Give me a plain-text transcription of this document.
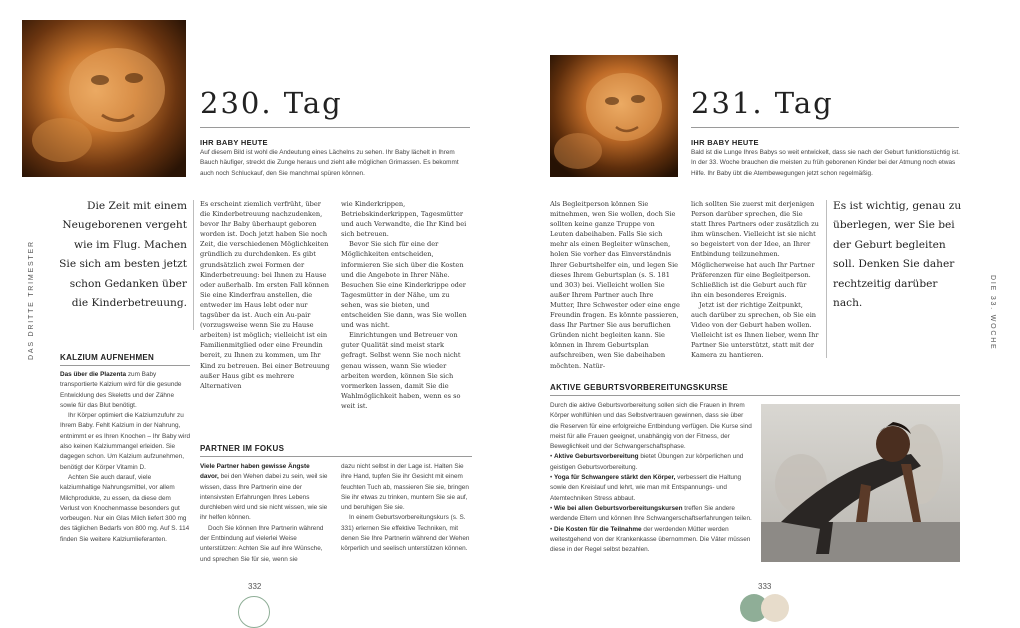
230. Tag
IHR BABY HEUTE
Auf diesem Bild ist wohl die Andeutung eines Lächelns zu sehen. Ihr Baby lächelt in Ihrem Bauch häufiger, streckt die Zunge heraus und zieht alle möglichen Grimassen. Es bekommt auch noch Schluckauf, den Sie manchmal spüren können.
DAS DRITTE TRIMESTER
Die Zeit mit einem Neugeborenen vergeht wie im Flug. Machen Sie sich am besten jetzt schon Gedanken über die Kinderbetreuung.
Es erscheint ziemlich verfrüht, über die Kinderbetreuung nachzudenken, bevor Ihr Baby überhaupt geboren worden ist. Doch jetzt haben Sie noch Zeit, die verschiedenen Möglichkeiten gründlich zu durchdenken. Es gibt grundsätzlich zwei Formen der Kinderbetreuung: bei Ihnen zu Hause oder außerhalb. Im ersten Fall können Sie eine Kinderfrau anstellen, die entweder im Haus lebt oder nur tagsüber da ist. Auch ein Au-pair (vorzugsweise wenn Sie zu Hause arbeiten) ist möglich; vielleicht ist ein Familienmitglied oder eine Freundin bereit, zu Ihnen zu kommen, um Ihr Kind zu betreuen. Bei einer Betreuung außer Haus gibt es mehrere Alternativen

wie Kinderkrippen, Betriebskinderkrippen, Tagesmütter und auch Verwandte, die Ihr Kind bei sich betreuen.

Bevor Sie sich für eine der Möglichkeiten entscheiden, informieren Sie sich über die Kosten und die Angebote in Ihrer Nähe. Besuchen Sie eine Kinderkrippe oder Tagesmütter in der Nähe, um zu sehen, was sie bieten, und entscheiden Sie dann, was Sie wollen und was nicht.

Einrichtungen und Betreuer von guter Qualität sind meist stark gefragt. Selbst wenn Sie noch nicht genau wissen, wann Sie wieder arbeiten werden, können Sie sich vormerken lassen, damit Sie die Wahlmöglichkeit haben, wenn es so weit ist.

KALZIUM AUFNEHMEN

Das über die Plazenta zum Baby transportierte Kalzium wird für die gesunde Entwicklung des Skeletts und der Zähne sowie für das Blut benötigt.

Ihr Körper optimiert die Kalziumzufuhr zu Ihrem Baby. Fehlt Kalzium in der Nahrung, entnimmt er es Ihren Knochen – Ihr Baby wird also keinen Kalziummangel erleiden. Sie dagegen schon. Um Kalzium aufzunehmen, benötigt der Körper Vitamin D.

Achten Sie auch darauf, viele kalziumhaltige Nahrungsmittel, vor allem Milchprodukte, zu essen, da diese dem Verlust von Knochenmasse besonders gut vorbeugen. Nur ein Glas Milch liefert 300 mg des täglichen Bedarfs von 800 mg. Auf S. 114 finden Sie weitere Kalziumlieferanten.

PARTNER IM FOKUS

Viele Partner haben gewisse Ängste davor, bei den Wehen dabei zu sein, weil sie wissen, dass Ihre Partnerin eine der intensivsten Erfahrungen Ihres Lebens durchleben wird und sie nicht wissen, wie sie ihr helfen können.

Doch Sie können Ihre Partnerin während der Entbindung auf vielerlei Weise unterstützen: Achten Sie auf ihre Wünsche, und sprechen Sie für sie, wenn sie

dazu nicht selbst in der Lage ist. Halten Sie ihre Hand, tupfen Sie ihr Gesicht mit einem feuchten Tuch ab, massieren Sie sie, bringen Sie ihr etwas zu trinken, muntern Sie sie auf, und beruhigen Sie sie.

In einem Geburtsvorbereitungskurs (s. S. 331) erlernen Sie effektive Techniken, mit denen Sie Ihre Partnerin während der Wehen körperlich und seelisch unterstützen können.

332
231. Tag
IHR BABY HEUTE
Bald ist die Lunge Ihres Babys so weit entwickelt, dass sie nach der Geburt funktionstüchtig ist. In der 33. Woche brauchen die meisten zu früh geborenen Kinder bei der Atmung noch etwas Hilfe. Ihr Baby übt die Atembewegungen jetzt schon regelmäßig.
Als Begleitperson können Sie mitnehmen, wen Sie wollen, doch Sie sollten keine ganze Truppe von Leuten dabeihaben. Falls Sie sich mehr als einen Begleiter wünschen, holen Sie vorher das Einverständnis Ihrer Geburtshelfer ein, und legen Sie dieses Ihrem Geburtsplan (s. S. 181 und 303) bei. Vielleicht wollen Sie außer Ihrem Partner auch Ihre Mutter, Ihre Schwester oder eine enge Freundin fragen. Es könnte passieren, dass Ihr Partner Sie aus beruflichen Gründen nicht begleiten kann. Sie können in Ihrem Geburtsplan aufschreiben, wen Sie dabeihaben möchten. Natür-

lich sollten Sie zuerst mit derjenigen Person darüber sprechen, die Sie statt Ihres Partners oder zusätzlich zu ihm wünschen. Vielleicht ist sie nicht so begeistert von der Idee, an Ihrer Entbindung teilzunehmen. Möglicherweise hat auch Ihr Partner Präferenzen für eine Begleitperson. Schließlich ist die Geburt auch für ihn ein besonderes Ereignis.

Jetzt ist der richtige Zeitpunkt, auch darüber zu sprechen, ob Sie ein Video von der Geburt haben wollen. Vielleicht ist es Ihnen lieber, wenn Ihr Partner Sie unterstützt, statt mit der Kamera zu hantieren.

Es ist wichtig, genau zu überlegen, wer Sie bei der Geburt begleiten soll. Denken Sie daher rechtzeitig darüber nach.	DIE 33. WOCHE
AKTIVE GEBURTSVORBEREITUNGSKURSE

Durch die aktive Geburtsvorbereitung sollen sich die Frauen in Ihrem Körper wohlfühlen und das Selbstvertrauen gewinnen, dass sie über die Reserven für eine erfolgreiche Entbindung verfügen. Die Kurse sind meist für alle Frauen geeignet, unabhängig von der Fitness, der Beweglichkeit und der Schwangerschaftsphase.

• Aktive Geburtsvorbereitung bietet Übungen zur körperlichen und geistigen Geburtsvorbereitung.

• Yoga für Schwangere stärkt den Körper, verbessert die Haltung sowie den Kreislauf und lehrt, wie man mit Entspannungs- und Atemtechniken Stress abbaut.

• Wie bei allen Geburtsvorbereitungskursen treffen Sie andere werdende Eltern und können Ihre Schwangerschaftserfahrungen teilen.

• Die Kosten für die Teilnahme der werdenden Mütter werden weitestgehend von der Krankenkasse übernommen. Die Väter müssen diese in der Regel selbst bezahlen.

333
